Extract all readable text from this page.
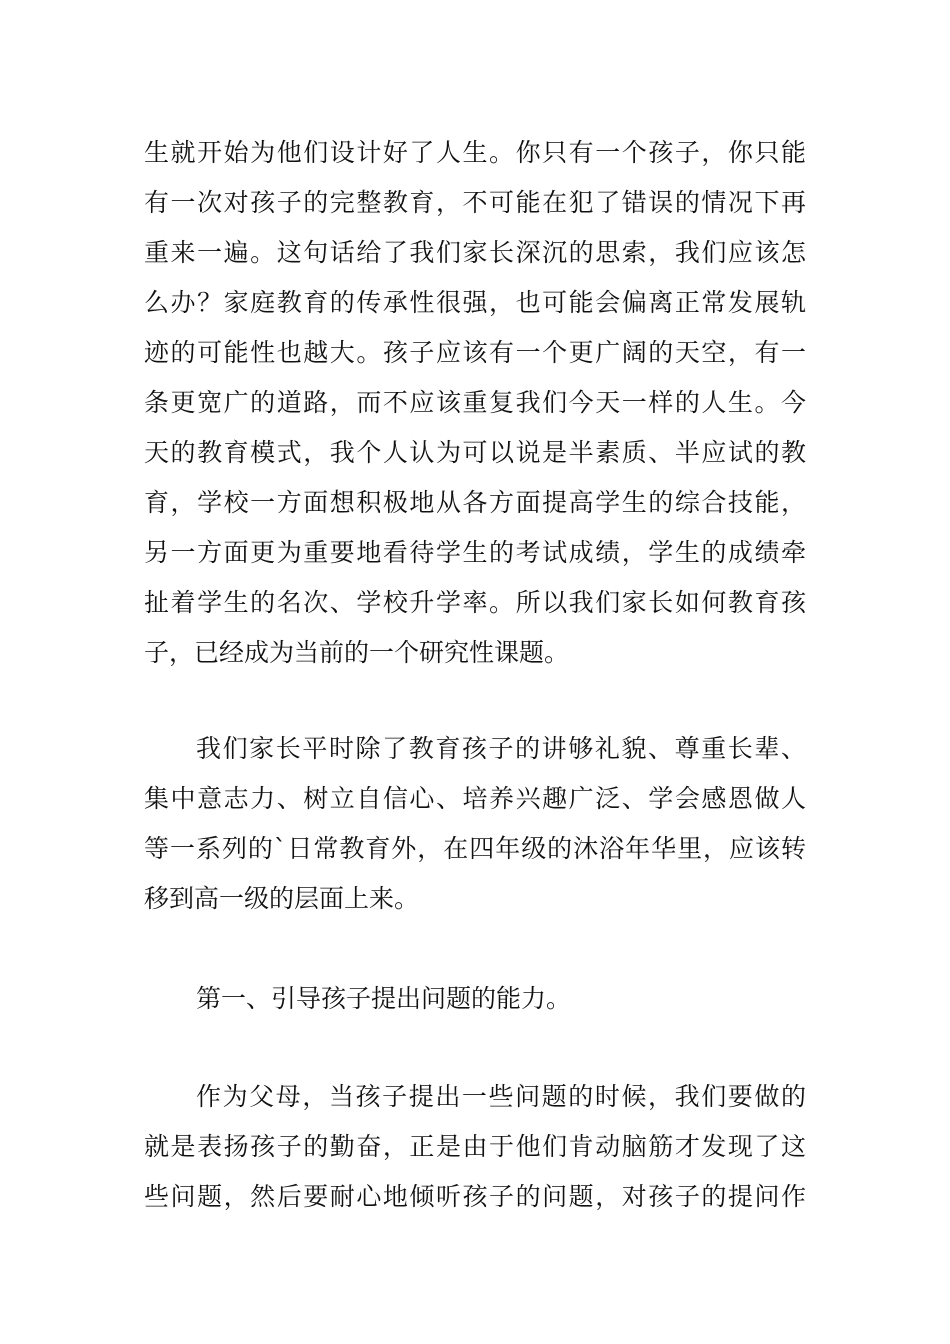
生就开始为他们设计好了人生。你只有一个孩子，你只能
有一次对孩子的完整教育，不可能在犯了错误的情况下再
重来一遍。这句话给了我们家长深沉的思索，我们应该怎
么办？家庭教育的传承性很强，也可能会偏离正常发展轨
迹的可能性也越大。孩子应该有一个更广阔的天空，有一
条更宽广的道路，而不应该重复我们今天一样的人生。今
天的教育模式，我个人认为可以说是半素质、半应试的教
育，学校一方面想积极地从各方面提高学生的综合技能，
另一方面更为重要地看待学生的考试成绩，学生的成绩牵
扯着学生的名次、学校升学率。所以我们家长如何教育孩
子，已经成为当前的一个研究性课题。
我们家长平时除了教育孩子的讲够礼貌、尊重长辈、
集中意志力、树立自信心、培养兴趣广泛、学会感恩做人
等一系列的`日常教育外，在四年级的沐浴年华里，应该转
移到高一级的层面上来。
第一、引导孩子提出问题的能力。
作为父母，当孩子提出一些问题的时候，我们要做的
就是表扬孩子的勤奋，正是由于他们肯动脑筋才发现了这
些问题，然后要耐心地倾听孩子的问题，对孩子的提问作
